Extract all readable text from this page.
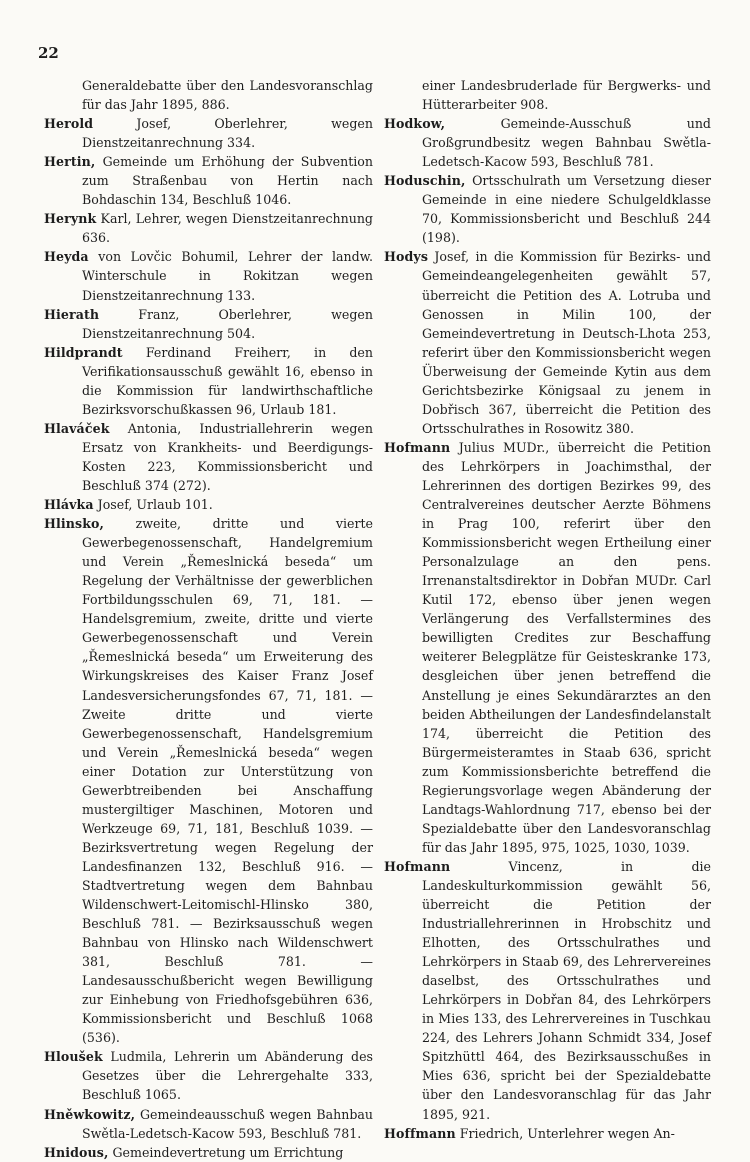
22

Generaldebatte über den Landesvoranschlag für das Jahr 1895, 886.

Herold Josef, Oberlehrer, wegen Dienstzeitanrechnung 334.

Hertin, Gemeinde um Erhöhung der Subvention zum Straßenbau von Hertin nach Bohdaschin 134, Beschluß 1046.

Herynk Karl, Lehrer, wegen Dienstzeitanrechnung 636.

Heyda von Lovčic Bohumil, Lehrer der landw. Winterschule in Rokitzan wegen Dienstzeitanrechnung 133.

Hierath Franz, Oberlehrer, wegen Dienstzeitanrechnung 504.

Hildprandt Ferdinand Freiherr, in den Verifikationsausschuß gewählt 16, ebenso in die Kommission für landwirthschaftliche Bezirksvorschußkassen 96, Urlaub 181.

Hlaváček Antonia, Industriallehrerin wegen Ersatz von Krankheits- und Beerdigungs-Kosten 223, Kommissionsbericht und Beschluß 374 (272).

Hlávka Josef, Urlaub 101.

Hlinsko, zweite, dritte und vierte Gewerbegenossenschaft, Handelgremium und Verein „Řemeslnická beseda“ um Regelung der Verhältnisse der gewerblichen Fortbildungsschulen 69, 71, 181. — Handelsgremium, zweite, dritte und vierte Gewerbegenossenschaft und Verein „Řemeslnická beseda“ um Erweiterung des Wirkungskreises des Kaiser Franz Josef Landesversicherungsfondes 67, 71, 181. — Zweite dritte und vierte Gewerbegenossenschaft, Handelsgremium und Verein „Řemeslnická beseda“ wegen einer Dotation zur Unterstützung von Gewerbtreibenden bei Anschaffung mustergiltiger Maschinen, Motoren und Werkzeuge 69, 71, 181, Beschluß 1039. — Bezirksvertretung wegen Regelung der Landesfinanzen 132, Beschluß 916. — Stadtvertretung wegen dem Bahnbau Wildenschwert-Leitomischl-Hlinsko 380, Beschluß 781. — Bezirksausschuß wegen Bahnbau von Hlinsko nach Wildenschwert 381, Beschluß 781. — Landesausschußbericht wegen Bewilligung zur Einhebung von Friedhofsgebühren 636, Kommissionsbericht und Beschluß 1068 (536).

Hloušek Ludmila, Lehrerin um Abänderung des Gesetzes über die Lehrergehalte 333, Beschluß 1065.

Hněwkowitz, Gemeindeausschuß wegen Bahnbau Swětla-Ledetsch-Kacow 593, Beschluß 781.

Hnidous, Gemeindevertretung um Errichtung

einer Landesbruderlade für Bergwerks- und Hütterarbeiter 908.

Hodkow, Gemeinde-Ausschuß und Großgrundbesitz wegen Bahnbau Swětla-Ledetsch-Kacow 593, Beschluß 781.

Hoduschin, Ortsschulrath um Versetzung dieser Gemeinde in eine niedere Schulgeldklasse 70, Kommissionsbericht und Beschluß 244 (198).

Hodys Josef, in die Kommission für Bezirks- und Gemeindeangelegenheiten gewählt 57, überreicht die Petition des A. Lotruba und Genossen in Milin 100, der Gemeindevertretung in Deutsch-Lhota 253, referirt über den Kommissionsbericht wegen Überweisung der Gemeinde Kytin aus dem Gerichtsbezirke Königsaal zu jenem in Dobřisch 367, überreicht die Petition des Ortsschulrathes in Rosowitz 380.

Hofmann Julius MUDr., überreicht die Petition des Lehrkörpers in Joachimsthal, der Lehrerinnen des dortigen Bezirkes 99, des Centralvereines deutscher Aerzte Böhmens in Prag 100, referirt über den Kommissionsbericht wegen Ertheilung einer Personalzulage an den pens. Irrenanstaltsdirektor in Dobřan MUDr. Carl Kutil 172, ebenso über jenen wegen Verlängerung des Verfallstermines des bewilligten Credites zur Beschaffung weiterer Belegplätze für Geisteskranke 173, desgleichen über jenen betreffend die Anstellung je eines Sekundärarztes an den beiden Abtheilungen der Landesfindelanstalt 174, überreicht die Petition des Bürgermeisteramtes in Staab 636, spricht zum Kommissionsberichte betreffend die Regierungsvorlage wegen Abänderung der Landtags-Wahlordnung 717, ebenso bei der Spezialdebatte über den Landesvoranschlag für das Jahr 1895, 975, 1025, 1030, 1039.

Hofmann Vincenz, in die Landeskulturkommission gewählt 56, überreicht die Petition der Industriallehrerinnen in Hrobschitz und Elhotten, des Ortsschulrathes und Lehrkörpers in Staab 69, des Lehrervereines daselbst, des Ortsschulrathes und Lehrkörpers in Dobřan 84, des Lehrkörpers in Mies 133, des Lehrervereines in Tuschkau 224, des Lehrers Johann Schmidt 334, Josef Spitzhüttl 464, des Bezirksausschußes in Mies 636, spricht bei der Spezialdebatte über den Landesvoranschlag für das Jahr 1895, 921.

Hoffmann Friedrich, Unterlehrer wegen An-
